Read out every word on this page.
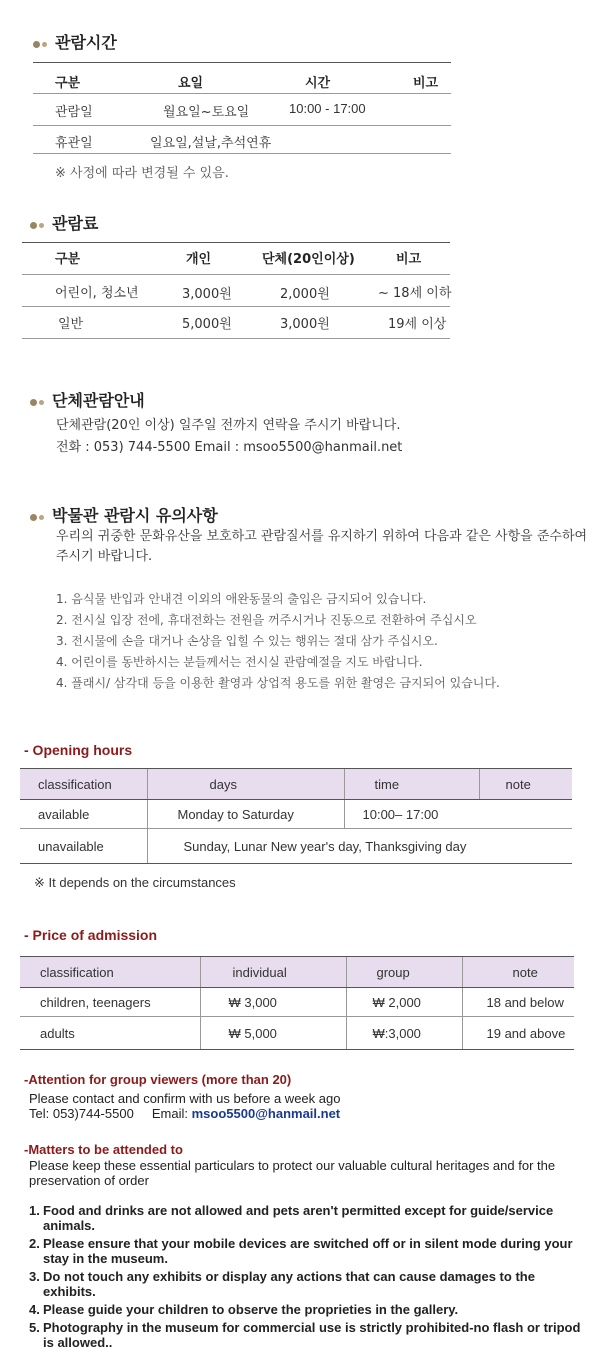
관람시간
구분	요일	시간	비고
관람일	월요일~토요일	10:00 - 17:00
휴관일	일요일,설날,추석연휴
※ 사정에 따라 변경될 수 있음.
관람료
구분	개인	단체(20인이상)	비고
어린이, 청소년	3,000원	2,000원	~ 18세 이하
일반	5,000원	3,000원	19세 이상
단체관람안내
단체관람(20인 이상) 일주일 전까지 연락을 주시기 바랍니다.
전화 : 053) 744-5500 Email : msoo5500@hanmail.net
박물관 관람시 유의사항
우리의 귀중한 문화유산을 보호하고 관람질서를 유지하기 위하여 다음과 같은 사항을 준수하여 주시기 바랍니다.
1. 음식물 반입과 안내견 이외의 애완동물의 출입은 금지되어 있습니다.
2. 전시실 입장 전에, 휴대전화는 전원을 꺼주시거나 진동으로 전환하여 주십시오
3. 전시물에 손을 대거나 손상을 입힐 수 있는 행위는 절대 삼가 주십시오.
4. 어린이를 동반하시는 분들께서는 전시실 관람예절을 지도 바랍니다.
4. 플래시/ 삼각대 등을 이용한 촬영과 상업적 용도를 위한 촬영은 금지되어 있습니다.
- Opening hours
classification	days	time	note
available	Monday to Saturday	10:00– 17:00	
unavailable	Sunday, Lunar New year's day, Thanksgiving day		
※ It depends on the circumstances
- Price of admission
classification	individual	group	note
children, teenagers	₩ 3,000	₩ 2,000	18 and below
adults	₩ 5,000	₩:3,000	19 and above
-Attention for group viewers (more than 20)
Please contact and confirm with us before a week ago
Tel: 053)744-5500 Email: msoo5500@hanmail.net
-Matters to be attended to
Please keep these essential particulars to protect our valuable cultural heritages and for the preservation of order
1. Food and drinks are not allowed and pets aren't permitted except for guide/service animals.
2. Please ensure that your mobile devices are switched off or in silent mode during your stay in the museum.
3. Do not touch any exhibits or display any actions that can cause damages to the exhibits.
4. Please guide your children to observe the proprieties in the gallery.
5. Photography in the museum for commercial use is strictly prohibited-no flash or tripod is allowed..
